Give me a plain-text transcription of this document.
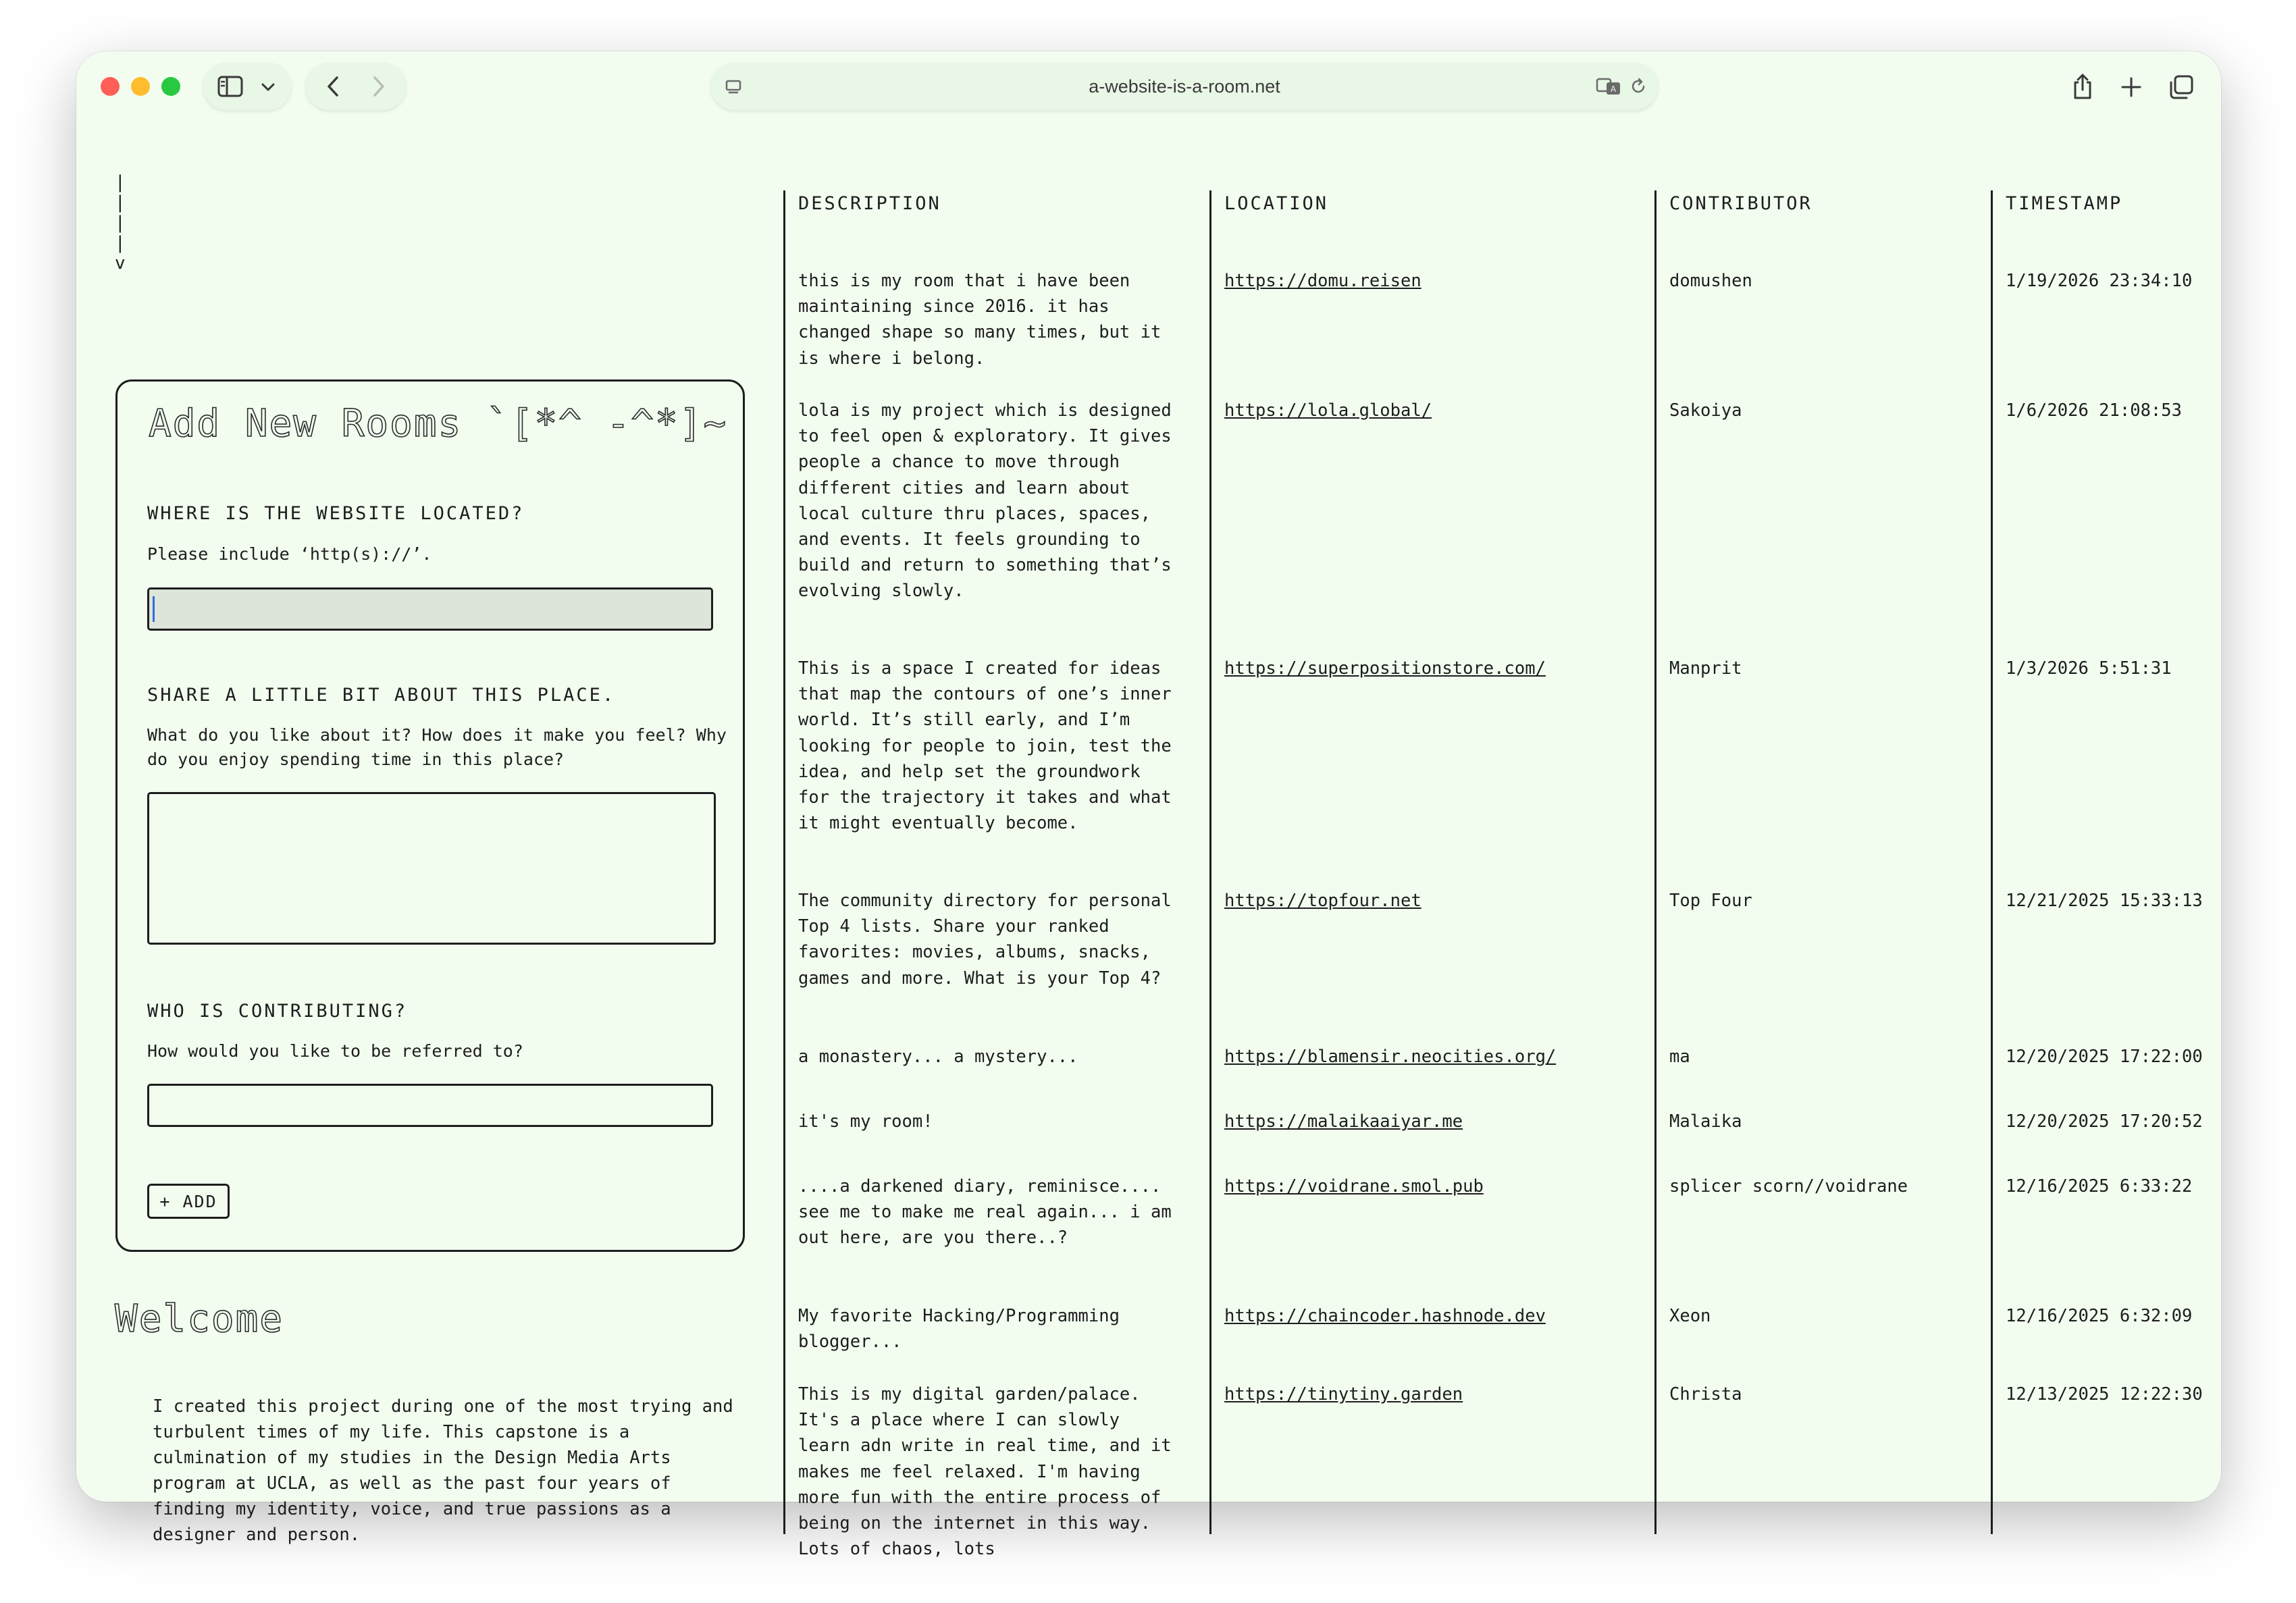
a-website-is-a-room.net	A
|
|
|
|
v
Add New Rooms `[*^ -^*]~
WHERE IS THE WEBSITE LOCATED?
Please include ‘http(s)://’.
SHARE A LITTLE BIT ABOUT THIS PLACE.
What do you like about it? How does it make you feel? Why do you enjoy spending time in this place?
WHO IS CONTRIBUTING?
How would you like to be referred to?
+ ADD
Welcome
I created this project during one of the most trying and turbulent times of my life. This capstone is a culmination of my studies in the Design Media Arts program at UCLA, as well as the past four years of finding my identity, voice, and true passions as a designer and person.
DESCRIPTION	LOCATION	CONTRIBUTOR	TIMESTAMP
this is my room that i have been maintaining since 2016. it has changed shape so many times, but it is where i belong.
https://domu.reisen	domushen	1/19/2026 23:34:10
lola is my project which is designed to feel open & exploratory. It gives people a chance to move through different cities and learn about local culture thru places, spaces, and events. It feels grounding to build and return to something that’s evolving slowly.
https://lola.global/	Sakoiya	1/6/2026 21:08:53
This is a space I created for ideas that map the contours of one’s inner world. It’s still early, and I’m looking for people to join, test the idea, and help set the groundwork for the trajectory it takes and what it might eventually become.
https://superpositionstore.com/	Manprit	1/3/2026 5:51:31
The community directory for personal Top 4 lists. Share your ranked favorites: movies, albums, snacks, games and more. What is your Top 4?
https://topfour.net	Top Four	12/21/2025 15:33:13
a monastery... a mystery...	https://blamensir.neocities.org/	ma	12/20/2025 17:22:00
it's my room!	https://malaikaaiyar.me	Malaika	12/20/2025 17:20:52
....a darkened diary, reminisce.... see me to make me real again... i am out here, are you there..?
https://voidrane.smol.pub	splicer scorn//voidrane	12/16/2025 6:33:22
My favorite Hacking/Programming blogger...
https://chaincoder.hashnode.dev	Xeon	12/16/2025 6:32:09
This is my digital garden/palace. It's a place where I can slowly learn adn write in real time, and it makes me feel relaxed. I'm having more fun with the entire process of being on the internet in this way. Lots of chaos, lots
https://tinytiny.garden	Christa	12/13/2025 12:22:30
